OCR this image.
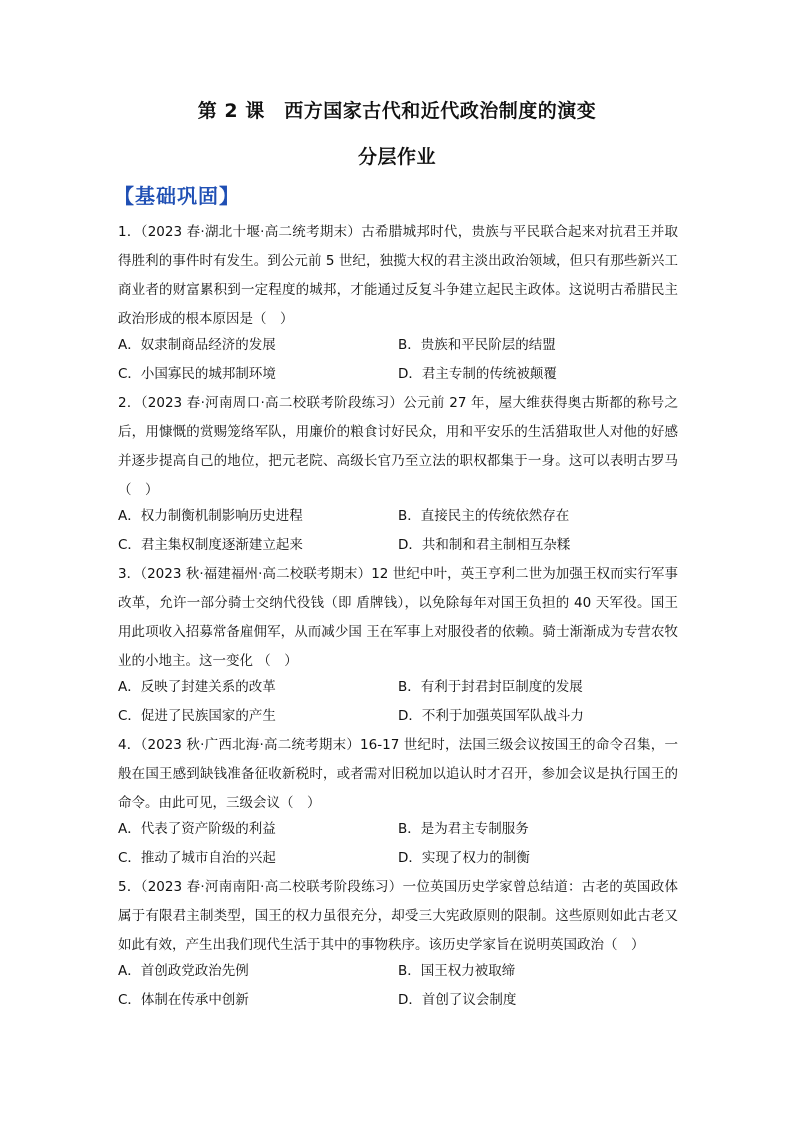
第 2 课　西方国家古代和近代政治制度的演变
分层作业
【基础巩固】
1．（2023 春·湖北十堰·高二统考期末）古希腊城邦时代，贵族与平民联合起来对抗君王并取得胜利的事件时有发生。到公元前 5 世纪，独揽大权的君主淡出政治领域，但只有那些新兴工商业者的财富累积到一定程度的城邦，才能通过反复斗争建立起民主政体。这说明古希腊民主政治形成的根本原因是（　）
A．奴隶制商品经济的发展	B．贵族和平民阶层的结盟
C．小国寡民的城邦制环境	D．君主专制的传统被颠覆
2．（2023 春·河南周口·高二校联考阶段练习）公元前 27 年，屋大维获得奥古斯都的称号之后，用慷慨的赏赐笼络军队，用廉价的粮食讨好民众，用和平安乐的生活猎取世人对他的好感 并逐步提高自己的地位，把元老院、高级长官乃至立法的职权都集于一身。这可以表明古罗马（　）
A．权力制衡机制影响历史进程	B．直接民主的传统依然存在
C．君主集权制度逐渐建立起来	D．共和制和君主制相互杂糅
3．（2023 秋·福建福州·高二校联考期末）12 世纪中叶，英王亨利二世为加强王权而实行军事改革，允许一部分骑士交纳代役钱（即 盾牌钱），以免除每年对国王负担的 40 天军役。国王用此项收入招募常备雇佣军，从而减少国 王在军事上对服役者的依赖。骑士渐渐成为专营农牧业的小地主。这一变化 （　）
A．反映了封建关系的改革	B．有利于封君封臣制度的发展
C．促进了民族国家的产生	D．不利于加强英国军队战斗力
4．（2023 秋·广西北海·高二统考期末）16-17 世纪时，法国三级会议按国王的命令召集，一般在国王感到缺钱准备征收新税时，或者需对旧税加以追认时才召开，参加会议是执行国王的命令。由此可见，三级会议（　）
A．代表了资产阶级的利益	B．是为君主专制服务
C．推动了城市自治的兴起	D．实现了权力的制衡
5．（2023 春·河南南阳·高二校联考阶段练习）一位英国历史学家曾总结道：古老的英国政体属于有限君主制类型，国王的权力虽很充分，却受三大宪政原则的限制。这些原则如此古老又如此有效，产生出我们现代生活于其中的事物秩序。该历史学家旨在说明英国政治（　）
A．首创政党政治先例	B．国王权力被取缔
C．体制在传承中创新	D．首创了议会制度
